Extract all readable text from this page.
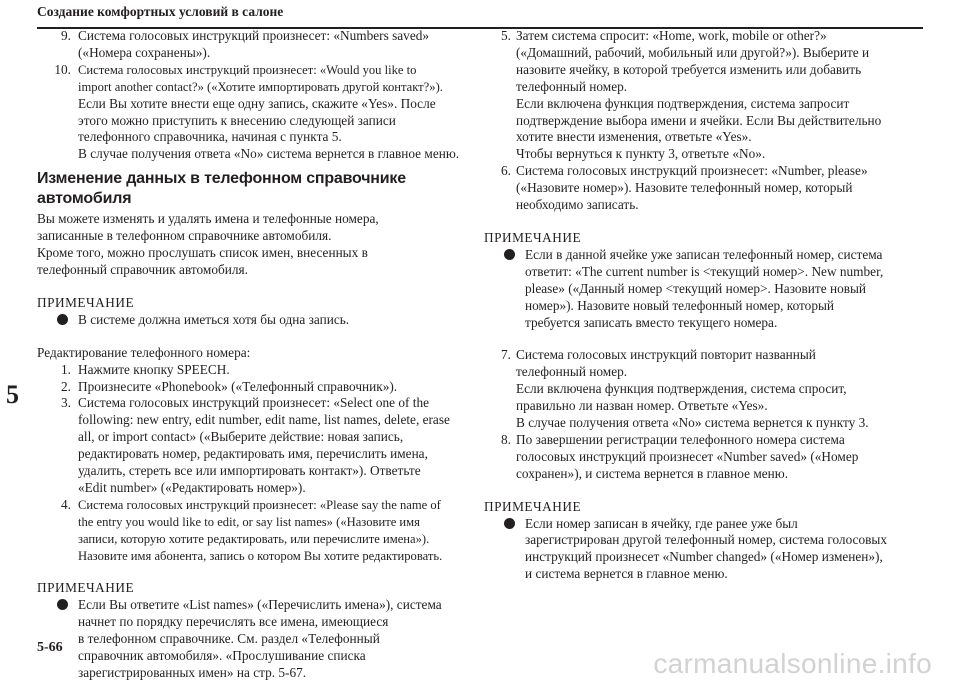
Создание комфортных условий в салоне
5
9. Система голосовых инструкций произнесет: «Numbers saved»
(«Номера сохранены»).
10. Система голосовых инструкций произнесет: «Would you like to
import another contact?» («Хотите импортировать другой контакт?»).
Если Вы хотите внести еще одну запись, скажите «Yes». После
этого можно приступить к внесению следующей записи
телефонного справочника, начиная с пункта 5.
В случае получения ответа «No» система вернется в главное меню.
Изменение данных в телефонном справочнике автомобиля
Вы можете изменять и удалять имена и телефонные номера,
записанные в телефонном справочнике автомобиля.
Кроме того, можно прослушать список имен, внесенных в
телефонный справочник автомобиля.
ПРИМЕЧАНИЕ
В системе должна иметься хотя бы одна запись.
Редактирование телефонного номера:
1. Нажмите кнопку SPEECH.
2. Произнесите «Phonebook» («Телефонный справочник»).
3. Система голосовых инструкций произнесет: «Select one of the
following: new entry, edit number, edit name, list names, delete, erase
all, or import contact» («Выберите действие: новая запись,
редактировать номер, редактировать имя, перечислить имена,
удалить, стереть все или импортировать контакт»). Ответьте
«Edit number» («Редактировать номер»).
4. Система голосовых инструкций произнесет: «Please say the name of
the entry you would like to edit, or say list names» («Назовите имя
записи, которую хотите редактировать, или перечислите имена»).
Назовите имя абонента, запись о котором Вы хотите редактировать.
ПРИМЕЧАНИЕ
Если Вы ответите «List names» («Перечислить имена»), система
начнет по порядку перечислять все имена, имеющиеся
в телефонном справочнике. См. раздел «Телефонный
справочник автомобиля». «Прослушивание списка
зарегистрированных имен» на стр. 5-67.
5. Затем система спросит: «Home, work, mobile or other?»
(«Домашний, рабочий, мобильный или другой?»). Выберите и
назовите ячейку, в которой требуется изменить или добавить
телефонный номер.
Если включена функция подтверждения, система запросит
подтверждение выбора имени и ячейки. Если Вы действительно
хотите внести изменения, ответьте «Yes».
Чтобы вернуться к пункту 3, ответьте «No».
6. Система голосовых инструкций произнесет: «Number, please»
(«Назовите номер»). Назовите телефонный номер, который
необходимо записать.
ПРИМЕЧАНИЕ
Если в данной ячейке уже записан телефонный номер, система
ответит: «The current number is <текущий номер>. New number,
please» («Данный номер <текущий номер>. Назовите новый
номер»). Назовите новый телефонный номер, который
требуется записать вместо текущего номера.
7. Система голосовых инструкций повторит названный
телефонный номер.
Если включена функция подтверждения, система спросит,
правильно ли назван номер. Ответьте «Yes».
В случае получения ответа «No» система вернется к пункту 3.
8. По завершении регистрации телефонного номера система
голосовых инструкций произнесет «Number saved» («Номер
сохранен»), и система вернется в главное меню.
ПРИМЕЧАНИЕ
Если номер записан в ячейку, где ранее уже был
зарегистрирован другой телефонный номер, система голосовых
инструкций произнесет «Number changed» («Номер изменен»),
и система вернется в главное меню.
5-66
carmanualsonline.info
